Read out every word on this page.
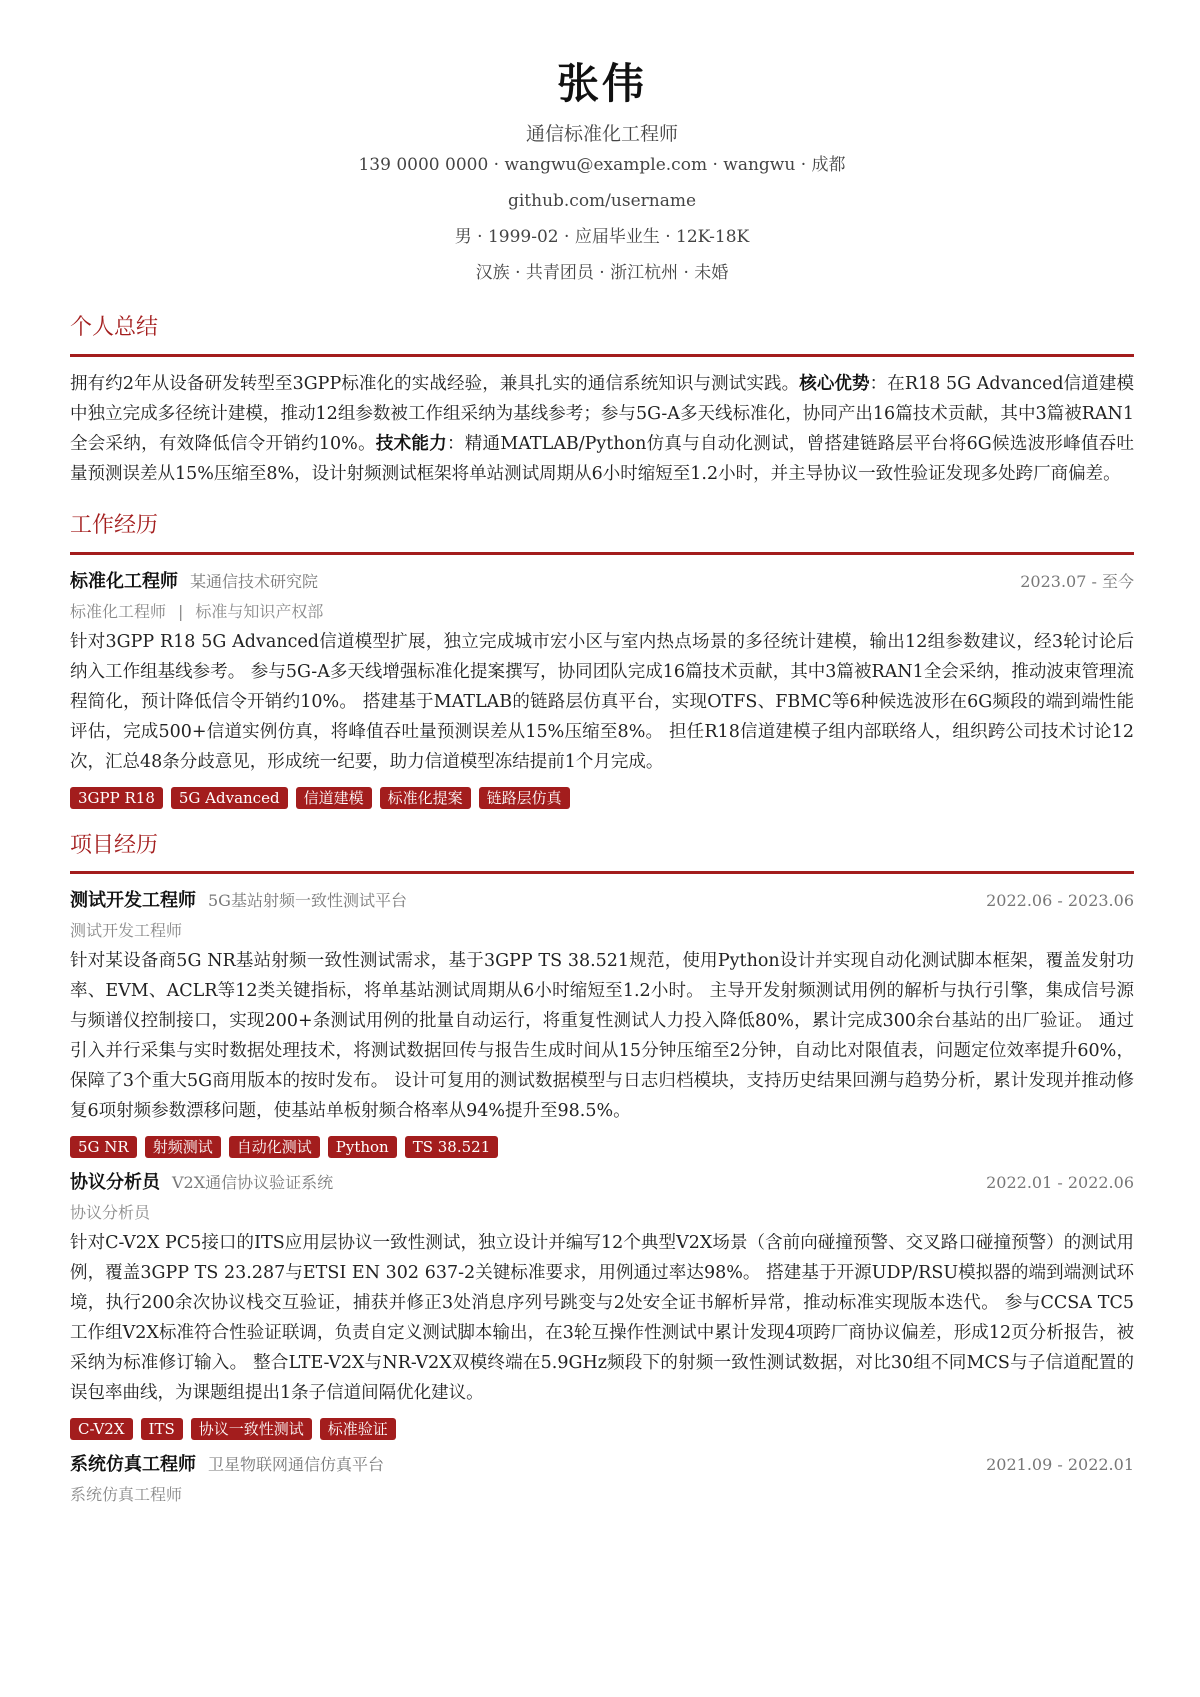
张伟
通信标准化工程师
139 0000 0000 · wangwu@example.com · wangwu · 成都
github.com/username
男 · 1999-02 · 应届毕业生 · 12K-18K
汉族 · 共青团员 · 浙江杭州 · 未婚
个人总结

拥有约2年从设备研发转型至3GPP标准化的实战经验，兼具扎实的通信系统知识与测试实践。核心优势：在R18 5G Advanced信道建模中独立完成多径统计建模，推动12组参数被工作组采纳为基线参考；参与5G-A多天线标准化，协同产出16篇技术贡献，其中3篇被RAN1全会采纳，有效降低信令开销约10%。技术能力：精通MATLAB/Python仿真与自动化测试，曾搭建链路层平台将6G候选波形峰值吞吐量预测误差从15%压缩至8%，设计射频测试框架将单站测试周期从6小时缩短至1.2小时，并主导协议一致性验证发现多处跨厂商偏差。

工作经历
标准化工程师 某通信技术研究院	2023.07 - 至今
标准化工程师 | 标准与知识产权部

针对3GPP R18 5G Advanced信道模型扩展，独立完成城市宏小区与室内热点场景的多径统计建模，输出12组参数建议，经3轮讨论后纳入工作组基线参考。 参与5G-A多天线增强标准化提案撰写，协同团队完成16篇技术贡献，其中3篇被RAN1全会采纳，推动波束管理流程简化，预计降低信令开销约10%。 搭建基于MATLAB的链路层仿真平台，实现OTFS、FBMC等6种候选波形在6G频段的端到端性能评估，完成500+信道实例仿真，将峰值吞吐量预测误差从15%压缩至8%。 担任R18信道建模子组内部联络人，组织跨公司技术讨论12次，汇总48条分歧意见，形成统一纪要，助力信道模型冻结提前1个月完成。

3GPP R18	5G Advanced	信道建模	标准化提案	链路层仿真
项目经历
测试开发工程师 5G基站射频一致性测试平台	2022.06 - 2023.06
测试开发工程师

针对某设备商5G NR基站射频一致性测试需求，基于3GPP TS 38.521规范，使用Python设计并实现自动化测试脚本框架，覆盖发射功率、EVM、ACLR等12类关键指标，将单基站测试周期从6小时缩短至1.2小时。 主导开发射频测试用例的解析与执行引擎，集成信号源与频谱仪控制接口，实现200+条测试用例的批量自动运行，将重复性测试人力投入降低80%，累计完成300余台基站的出厂验证。 通过引入并行采集与实时数据处理技术，将测试数据回传与报告生成时间从15分钟压缩至2分钟，自动比对限值表，问题定位效率提升60%，保障了3个重大5G商用版本的按时发布。 设计可复用的测试数据模型与日志归档模块，支持历史结果回溯与趋势分析，累计发现并推动修复6项射频参数漂移问题，使基站单板射频合格率从94%提升至98.5%。

5G NR	射频测试	自动化测试	Python	TS 38.521
协议分析员 V2X通信协议验证系统	2022.01 - 2022.06
协议分析员

针对C-V2X PC5接口的ITS应用层协议一致性测试，独立设计并编写12个典型V2X场景（含前向碰撞预警、交叉路口碰撞预警）的测试用例，覆盖3GPP TS 23.287与ETSI EN 302 637-2关键标准要求，用例通过率达98%。 搭建基于开源UDP/RSU模拟器的端到端测试环境，执行200余次协议栈交互验证，捕获并修正3处消息序列号跳变与2处安全证书解析异常，推动标准实现版本迭代。 参与CCSA TC5工作组V2X标准符合性验证联调，负责自定义测试脚本输出，在3轮互操作性测试中累计发现4项跨厂商协议偏差，形成12页分析报告，被采纳为标准修订输入。 整合LTE-V2X与NR-V2X双模终端在5.9GHz频段下的射频一致性测试数据，对比30组不同MCS与子信道配置的误包率曲线，为课题组提出1条子信道间隔优化建议。

C-V2X	ITS	协议一致性测试	标准验证
系统仿真工程师 卫星物联网通信仿真平台	2021.09 - 2022.01
系统仿真工程师
